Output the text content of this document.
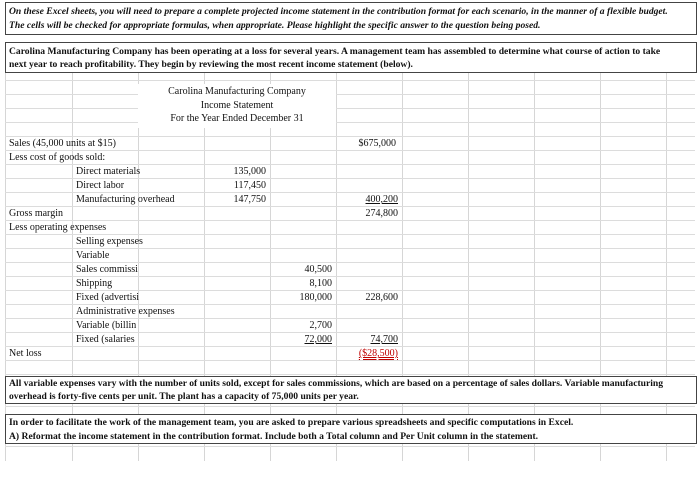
On these Excel sheets, you will need to prepare a complete projected income statement in the contribution format for each scenario, in the manner of a flexible budget.
The cells will be checked for appropriate formulas, when appropriate. Please highlight the specific answer to the question being posed.
Carolina Manufacturing Company has been operating at a loss for several years. A management team has assembled to determine what course of action to take
next year to reach profitability. They begin by reviewing the most recent income statement (below).
Carolina Manufacturing Company
Income Statement
For the Year Ended December 31
Sales (45,000 units at $15)	$675,000
Less cost of goods sold:
Direct materials	135,000
Direct labor	117,450
Manufacturing overhead	147,750	400,200
Gross margin	274,800
Less operating expenses
Selling expenses
Variable
Sales commissi	40,500
Shipping	8,100
Fixed (advertisi	180,000	228,600
Administrative expenses
Variable (billin	2,700
Fixed (salaries	72,000	74,700
Net loss	($28,500)
All variable expenses vary with the number of units sold, except for sales commissions, which are based on a percentage of sales dollars. Variable manufacturing
overhead is forty-five cents per unit. The plant has a capacity of 75,000 units per year.
In order to facilitate the work of the management team, you are asked to prepare various spreadsheets and specific computations in Excel.
A) Reformat the income statement in the contribution format. Include both a Total column and Per Unit column in the statement.
